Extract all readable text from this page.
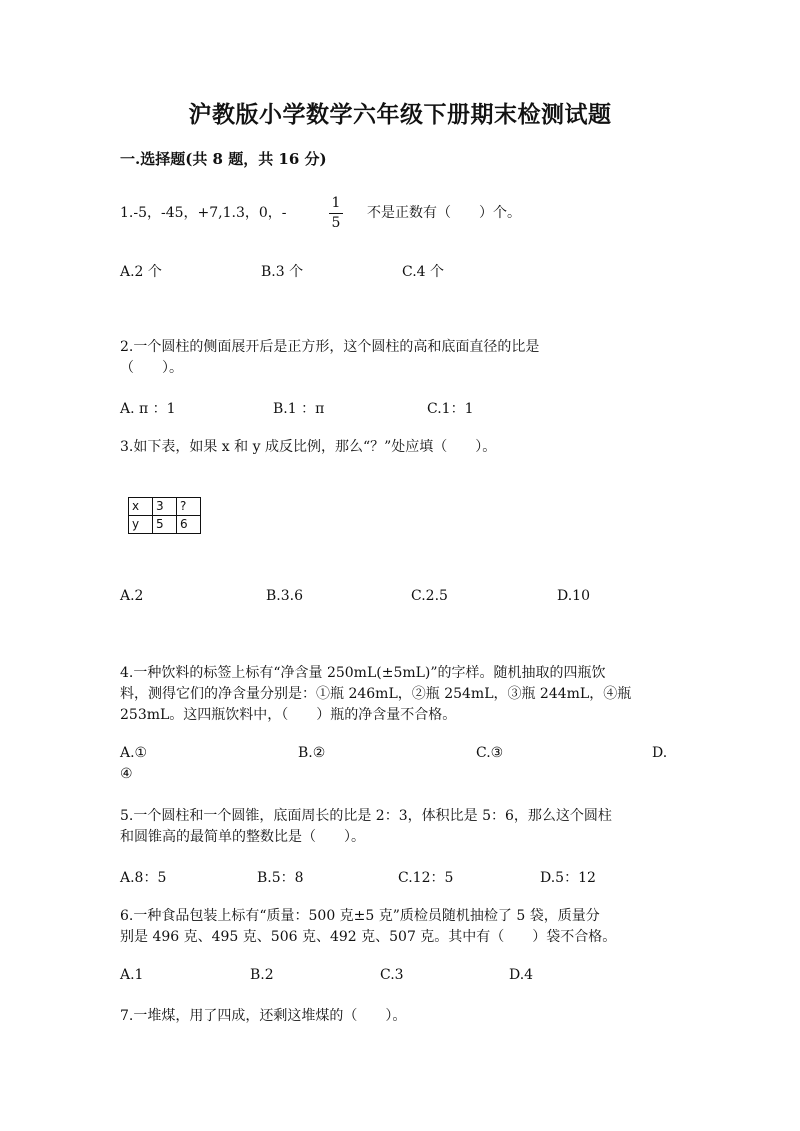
沪教版小学数学六年级下册期末检测试题
一.选择题(共 8 题，共 16 分)
1.-5，-45，+7,1.3，0，-
1
5
不是正数有（　　）个。
A.2 个	B.3 个	C.4 个
2.一个圆柱的侧面展开后是正方形，这个圆柱的高和底面直径的比是
（　　）。
A. π ：1	B.1 ：π	C.1：1
3.如下表，如果 x 和 y 成反比例，那么“？”处应填（　　）。
x	3	?
y	5	6
A.2	B.3.6	C.2.5	D.10
4.一种饮料的标签上标有“净含量 250mL(±5mL)”的字样。随机抽取的四瓶饮
料，测得它们的净含量分别是：①瓶 246mL，②瓶 254mL，③瓶 244mL，④瓶
253mL。这四瓶饮料中，（　　）瓶的净含量不合格。
A.①	B.②	C.③	D.
④
5.一个圆柱和一个圆锥，底面周长的比是 2：3，体积比是 5：6，那么这个圆柱
和圆锥高的最简单的整数比是（　　）。
A.8：5	B.5：8	C.12：5	D.5：12
6.一种食品包装上标有“质量：500 克±5 克”质检员随机抽检了 5 袋，质量分
别是 496 克、495 克、506 克、492 克、507 克。其中有（　　）袋不合格。
A.1	B.2	C.3	D.4
7.一堆煤，用了四成，还剩这堆煤的（　　）。
